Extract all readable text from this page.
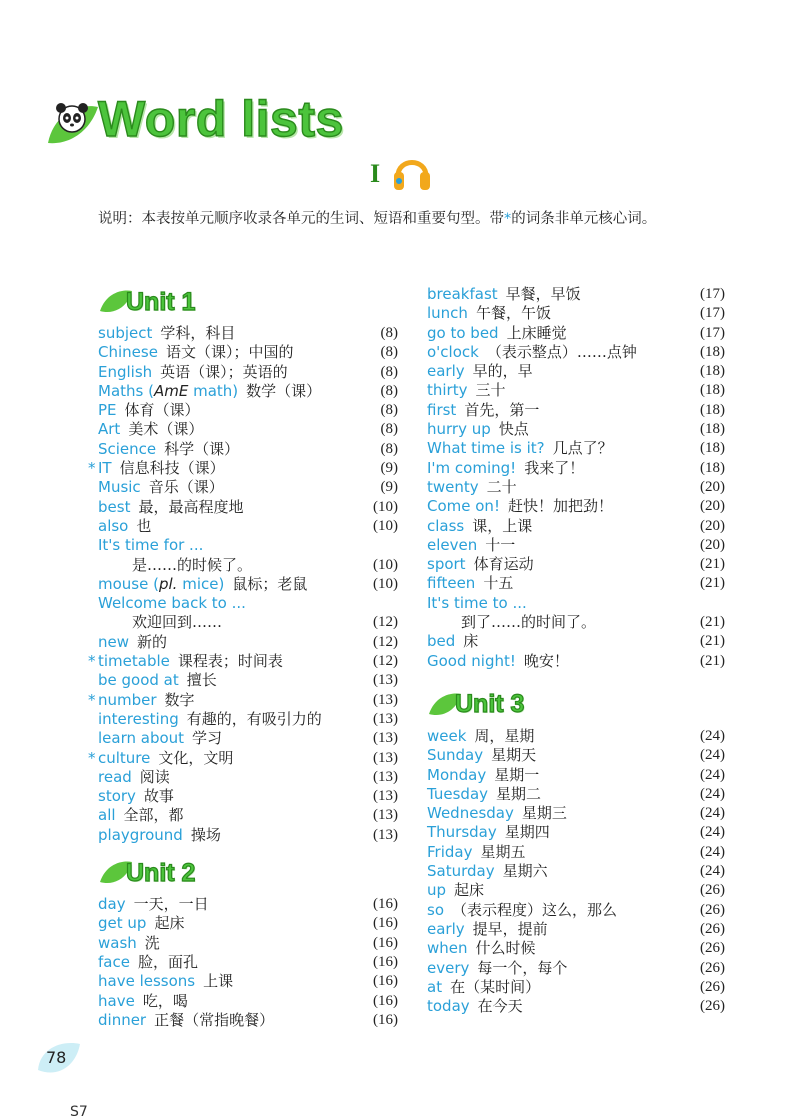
Word lists
I
说明：本表按单元顺序收录各单元的生词、短语和重要句型。带*的词条非单元核心词。
Unit 1
subject 学科，科目	(8)
Chinese 语文（课）；中国的	(8)
English 英语（课）；英语的	(8)
Maths (AmE math) 数学（课）	(8)
PE 体育（课）	(8)
Art 美术（课）	(8)
Science 科学（课）	(8)
* IT 信息科技（课）	(9)
Music 音乐（课）	(9)
best 最，最高程度地	(10)
also 也	(10)
It's time for ...
是……的时候了。	(10)
mouse (pl. mice) 鼠标；老鼠	(10)
Welcome back to ...
欢迎回到……	(12)
new 新的	(12)
* timetable 课程表；时间表	(12)
be good at 擅长	(13)
* number 数字	(13)
interesting 有趣的，有吸引力的	(13)
learn about 学习	(13)
* culture 文化，文明	(13)
read 阅读	(13)
story 故事	(13)
all 全部，都	(13)
playground 操场	(13)
Unit 2
day 一天，一日	(16)
get up 起床	(16)
wash 洗	(16)
face 脸，面孔	(16)
have lessons 上课	(16)
have 吃，喝	(16)
dinner 正餐（常指晚餐）	(16)
breakfast 早餐，早饭	(17)
lunch 午餐，午饭	(17)
go to bed 上床睡觉	(17)
o'clock （表示整点）……点钟	(18)
early 早的，早	(18)
thirty 三十	(18)
first 首先，第一	(18)
hurry up 快点	(18)
What time is it? 几点了？	(18)
I'm coming! 我来了！	(18)
twenty 二十	(20)
Come on! 赶快！加把劲！	(20)
class 课，上课	(20)
eleven 十一	(20)
sport 体育运动	(21)
fifteen 十五	(21)
It's time to ...
到了……的时间了。	(21)
bed 床	(21)
Good night! 晚安！	(21)
Unit 3
week 周，星期	(24)
Sunday 星期天	(24)
Monday 星期一	(24)
Tuesday 星期二	(24)
Wednesday 星期三	(24)
Thursday 星期四	(24)
Friday 星期五	(24)
Saturday 星期六	(24)
up 起床	(26)
so （表示程度）这么，那么	(26)
early 提早，提前	(26)
when 什么时候	(26)
every 每一个，每个	(26)
at 在（某时间）	(26)
today 在今天	(26)
78
S7
